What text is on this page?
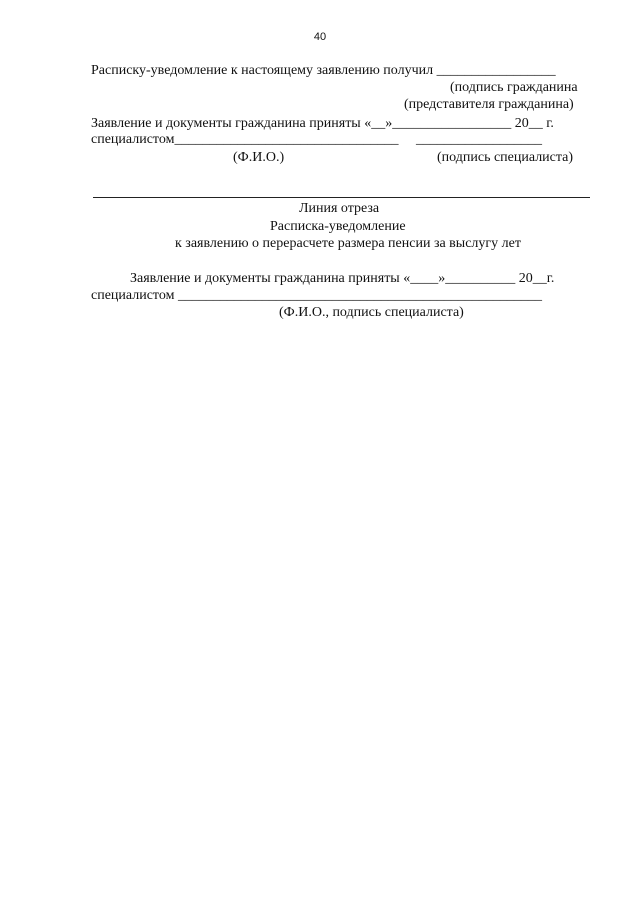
40
Расписку-уведомление к настоящему заявлению получил _________________
(подпись гражданина
(представителя гражданина)
Заявление и документы гражданина приняты «__»_________________ 20__ г.
специалистом________________________________     __________________
(Ф.И.О.)	(подпись специалиста)
Линия отреза
Расписка-уведомление
к заявлению о перерасчете размера пенсии за выслугу лет
Заявление и документы гражданина приняты «____»__________ 20__г.
специалистом ____________________________________________________
(Ф.И.О., подпись специалиста)
